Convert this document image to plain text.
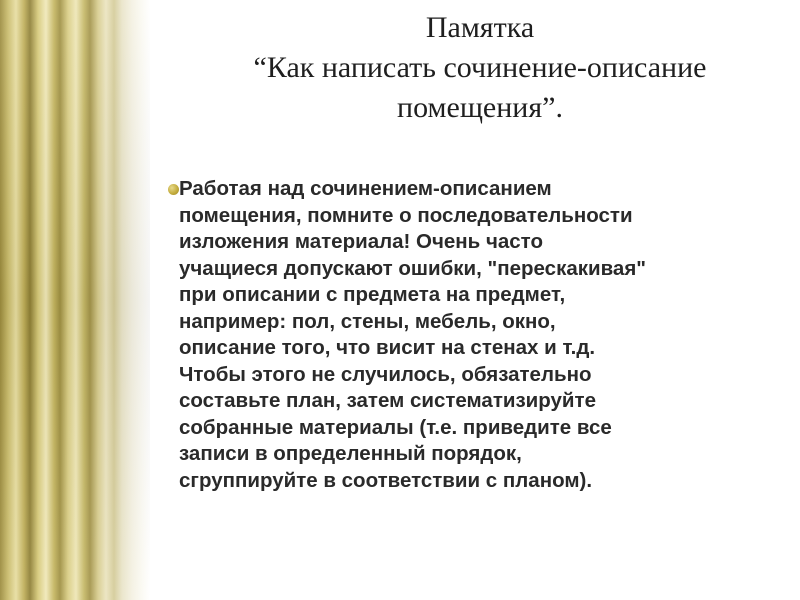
Памятка
“Как написать сочинение-описание
помещения”.
Работая над сочинением-описанием
помещения, помните о последовательности
изложения материала! Очень часто
учащиеся допускают ошибки, "перескакивая"
при описании с предмета на предмет,
например: пол, стены, мебель, окно,
описание того, что висит на стенах и т.д.
Чтобы этого не случилось, обязательно
составьте план, затем систематизируйте
собранные материалы (т.е. приведите все
записи в определенный порядок,
сгруппируйте в соответствии с планом).
